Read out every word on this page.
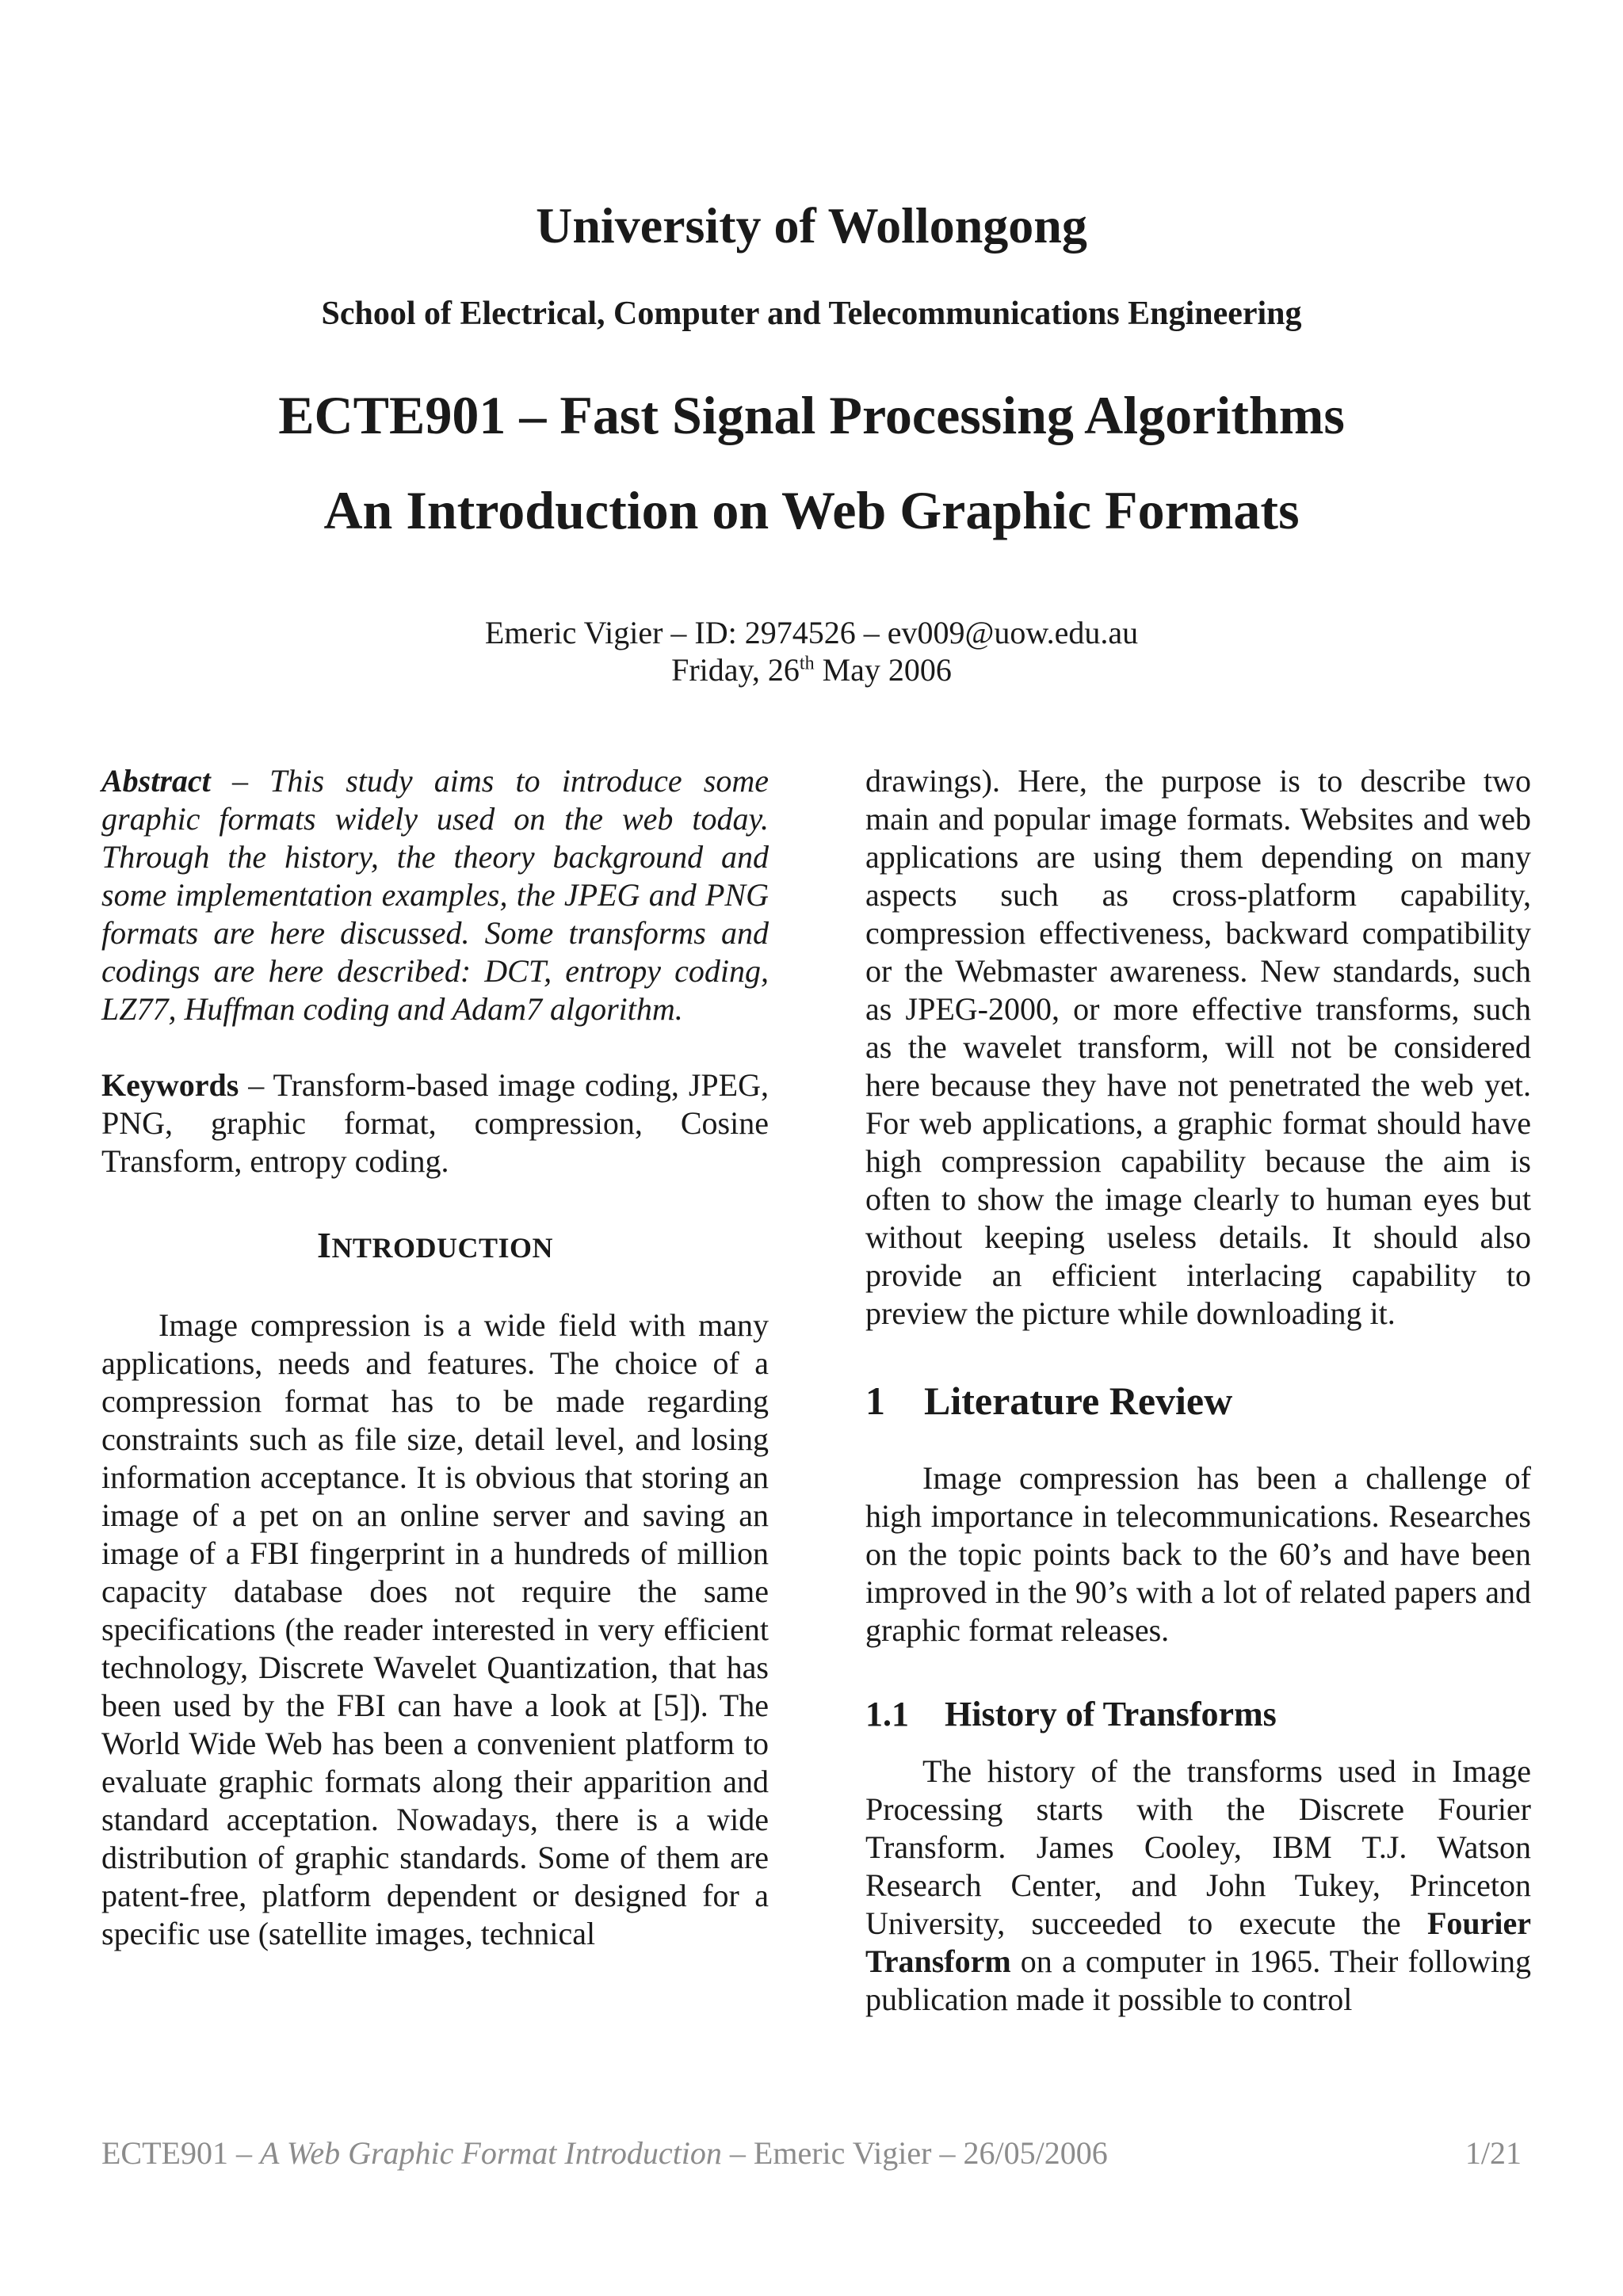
University of Wollongong
School of Electrical, Computer and Telecommunications Engineering
ECTE901 – Fast Signal Processing Algorithms
An Introduction on Web Graphic Formats
Emeric Vigier – ID: 2974526 – ev009@uow.edu.au
Friday, 26th May 2006

Abstract – This study aims to introduce some graphic formats widely used on the web today. Through the history, the theory background and some implementation examples, the JPEG and PNG formats are here discussed. Some transforms and codings are here described: DCT, entropy coding, LZ77, Huffman coding and Adam7 algorithm.

Keywords – Transform-based image coding, JPEG, PNG, graphic format, compression, Cosine Transform, entropy coding.

INTRODUCTION

Image compression is a wide field with many applications, needs and features. The choice of a compression format has to be made regarding constraints such as file size, detail level, and losing information acceptance. It is obvious that storing an image of a pet on an online server and saving an image of a FBI fingerprint in a hundreds of million capacity database does not require the same specifications (the reader interested in very efficient technology, Discrete Wavelet Quantization, that has been used by the FBI can have a look at [5]). The World Wide Web has been a convenient platform to evaluate graphic formats along their apparition and standard acceptation. Nowadays, there is a wide distribution of graphic standards. Some of them are patent-free, platform dependent or designed for a specific use (satellite images, technical

drawings). Here, the purpose is to describe two main and popular image formats. Websites and web applications are using them depending on many aspects such as cross-platform capability, compression effectiveness, backward compatibility or the Webmaster awareness. New standards, such as JPEG-2000, or more effective transforms, such as the wavelet transform, will not be considered here because they have not penetrated the web yet. For web applications, a graphic format should have high compression capability because the aim is often to show the image clearly to human eyes but without keeping useless details. It should also provide an efficient interlacing capability to preview the picture while downloading it.

1 Literature Review

Image compression has been a challenge of high importance in telecommunications. Researches on the topic points back to the 60’s and have been improved in the 90’s with a lot of related papers and graphic format releases.

1.1 History of Transforms

The history of the transforms used in Image Processing starts with the Discrete Fourier Transform. James Cooley, IBM T.J. Watson Research Center, and John Tukey, Princeton University, succeeded to execute the Fourier Transform on a computer in 1965. Their following publication made it possible to control

ECTE901 – A Web Graphic Format Introduction – Emeric Vigier – 26/05/2006	1/21
